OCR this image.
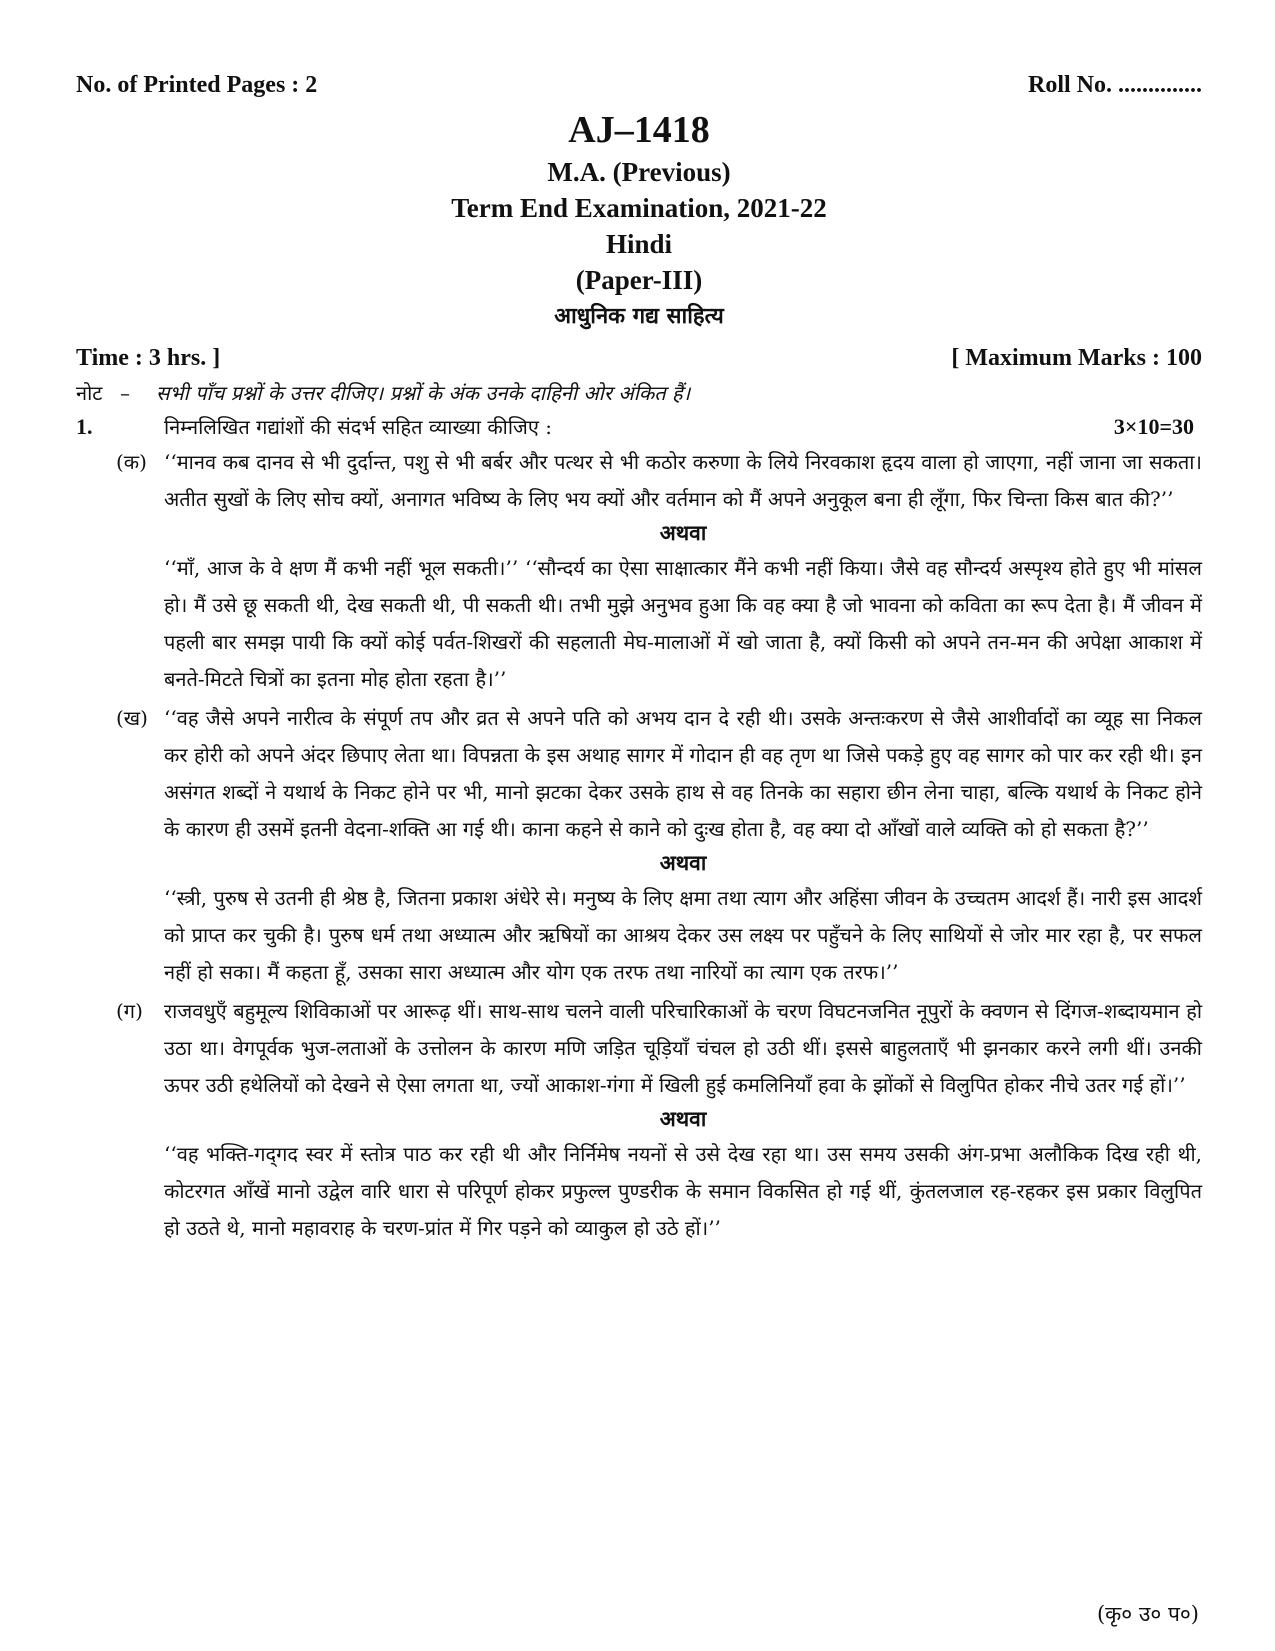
No. of Printed Pages : 2	Roll No. ..............
AJ–1418
M.A. (Previous)
Term End Examination, 2021-22
Hindi
(Paper-III)
आधुनिक गद्य साहित्य
Time : 3 hrs. ]	[ Maximum Marks : 100
नोट –	सभी पाँच प्रश्नों के उत्तर दीजिए। प्रश्नों के अंक उनके दाहिनी ओर अंकित हैं।
1.	निम्नलिखित गद्यांशों की संदर्भ सहित व्याख्या कीजिए :	3×10=30
(क) ‘‘मानव कब दानव से भी दुर्दान्त, पशु से भी बर्बर और पत्थर से भी कठोर करुणा के लिये निरवकाश हृदय वाला हो जाएगा, नहीं जाना जा सकता। अतीत सुखों के लिए सोच क्यों, अनागत भविष्य के लिए भय क्यों और वर्तमान को मैं अपने अनुकूल बना ही लूँगा, फिर चिन्ता किस बात की?’’

अथवा

‘‘माँ, आज के वे क्षण मैं कभी नहीं भूल सकती।’’ ‘‘सौन्दर्य का ऐसा साक्षात्कार मैंने कभी नहीं किया। जैसे वह सौन्दर्य अस्पृश्य होते हुए भी मांसल हो। मैं उसे छू सकती थी, देख सकती थी, पी सकती थी। तभी मुझे अनुभव हुआ कि वह क्या है जो भावना को कविता का रूप देता है। मैं जीवन में पहली बार समझ पायी कि क्यों कोई पर्वत-शिखरों की सहलाती मेघ-मालाओं में खो जाता है, क्यों किसी को अपने तन-मन की अपेक्षा आकाश में बनते-मिटते चित्रों का इतना मोह होता रहता है।’’

(ख) ‘‘वह जैसे अपने नारीत्व के संपूर्ण तप और व्रत से अपने पति को अभय दान दे रही थी। उसके अन्तःकरण से जैसे आशीर्वादों का व्यूह सा निकल कर होरी को अपने अंदर छिपाए लेता था। विपन्नता के इस अथाह सागर में गोदान ही वह तृण था जिसे पकड़े हुए वह सागर को पार कर रही थी। इन असंगत शब्दों ने यथार्थ के निकट होने पर भी, मानो झटका देकर उसके हाथ से वह तिनके का सहारा छीन लेना चाहा, बल्कि यथार्थ के निकट होने के कारण ही उसमें इतनी वेदना-शक्ति आ गई थी। काना कहने से काने को दुःख होता है, वह क्या दो आँखों वाले व्यक्ति को हो सकता है?’’

अथवा

‘‘स्त्री, पुरुष से उतनी ही श्रेष्ठ है, जितना प्रकाश अंधेरे से। मनुष्य के लिए क्षमा तथा त्याग और अहिंसा जीवन के उच्चतम आदर्श हैं। नारी इस आदर्श को प्राप्त कर चुकी है। पुरुष धर्म तथा अध्यात्म और ऋषियों का आश्रय देकर उस लक्ष्य पर पहुँचने के लिए साथियों से जोर मार रहा है, पर सफल नहीं हो सका। मैं कहता हूँ, उसका सारा अध्यात्म और योग एक तरफ तथा नारियों का त्याग एक तरफ।’’

(ग)	राजवधुएँ बहुमूल्य शिविकाओं पर आरूढ़ थीं। साथ-साथ चलने वाली परिचारिकाओं के चरण विघटनजनित नूपुरों के क्वणन से दिंगज-शब्दायमान हो उठा था। वेगपूर्वक भुज-लताओं के उत्तोलन के कारण मणि जड़ित चूड़ियाँ चंचल हो उठी थीं। इससे बाहुलताएँ भी झनकार करने लगी थीं। उनकी ऊपर उठी हथेलियों को देखने से ऐसा लगता था, ज्यों आकाश-गंगा में खिली हुई कमलिनियाँ हवा के झोंकों से विलुपित होकर नीचे उतर गई हों।’’

अथवा

‘‘वह भक्ति-गद्‌गद स्वर में स्तोत्र पाठ कर रही थी और निर्निमेष नयनों से उसे देख रहा था। उस समय उसकी अंग-प्रभा अलौकिक दिख रही थी, कोटरगत आँखें मानो उद्वेल वारि धारा से परिपूर्ण होकर प्रफुल्ल पुण्डरीक के समान विकसित हो गई थीं, कुंतलजाल रह-रहकर इस प्रकार विलुपित हो उठते थे, मानो महावराह के चरण-प्रांत में गिर पड़ने को व्याकुल हो उठे हों।’’

(कृ० उ० प०)
